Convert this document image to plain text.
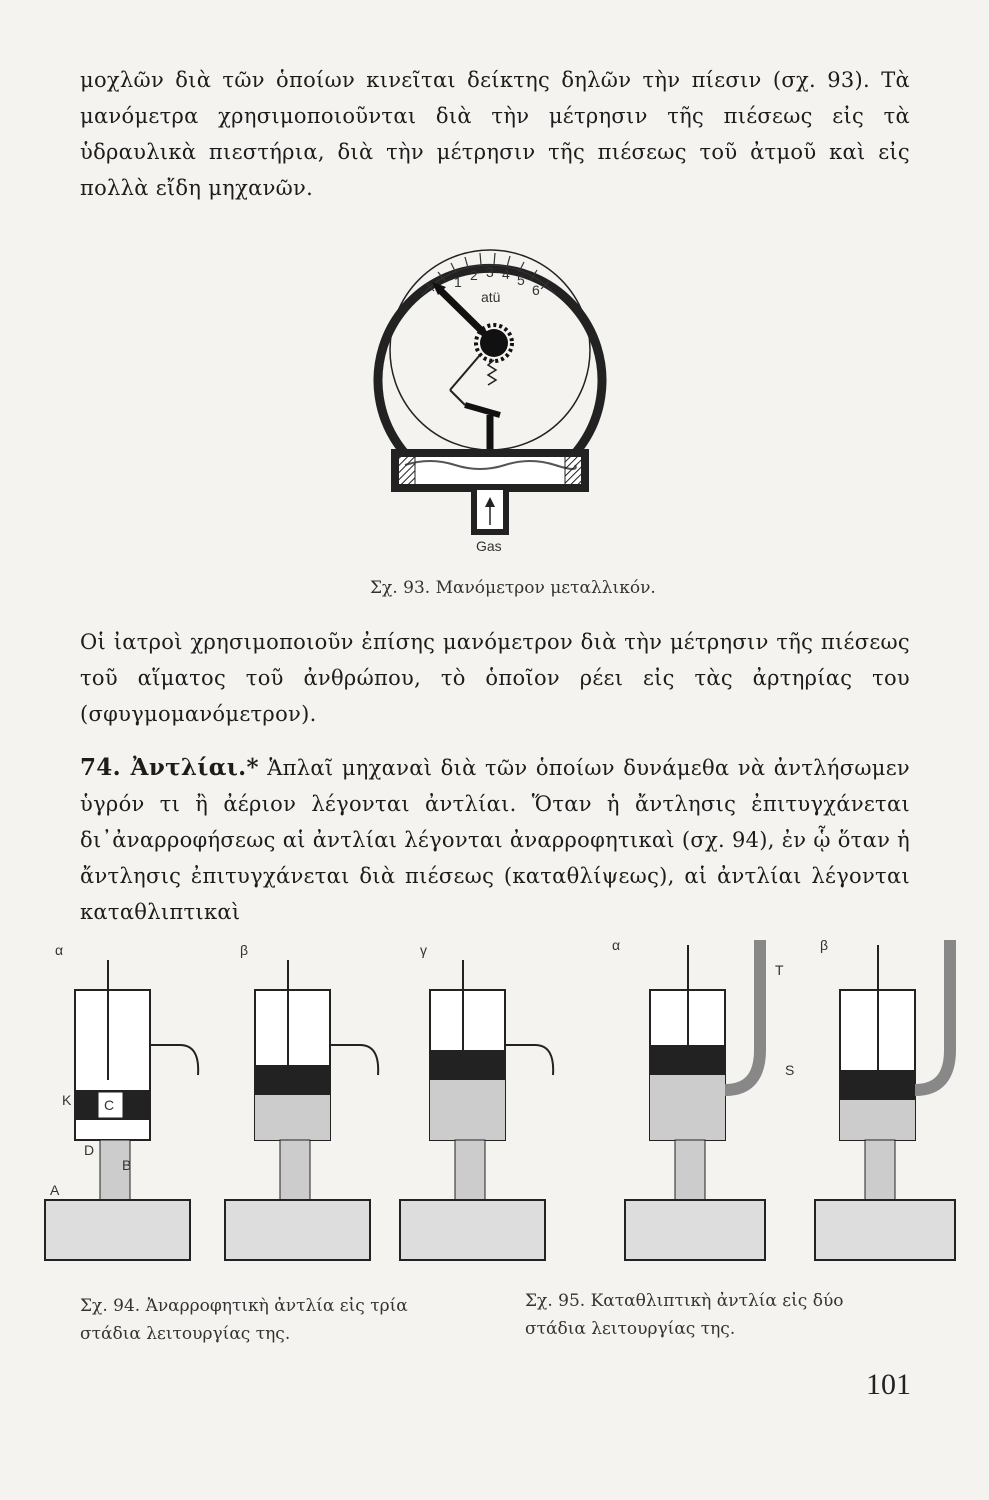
μοχλῶν διὰ τῶν ὁποίων κινεῖται δείκτης δηλῶν τὴν πίεσιν (σχ. 93). Τὰ μανόμετρα χρησιμοποιοῦνται διὰ τὴν μέτρησιν τῆς πιέσεως εἰς τὰ ὑδραυλικὰ πιεστήρια, διὰ τὴν μέτρησιν τῆς πιέσεως τοῦ ἀτμοῦ καὶ εἰς πολλὰ εἴδη μηχανῶν.

1 2 3 4 5
6
atü
Gas

Σχ. 93. Μανόμετρον μεταλλικόν.

Οἱ ἰατροὶ χρησιμοποιοῦν ἐπίσης μανόμετρον διὰ τὴν μέτρησιν τῆς πιέσεως τοῦ αἵματος τοῦ ἀνθρώπου, τὸ ὁποῖον ρέει εἰς τὰς ἀρτηρίας του (σφυγμομανόμετρον).

74. Ἀντλίαι.* Ἁπλαῖ μηχαναὶ διὰ τῶν ὁποίων δυνάμεθα νὰ ἀντλήσωμεν ὑγρόν τι ἢ ἀέριον λέγονται ἀντλίαι. Ὅταν ἡ ἄντλησις ἐπιτυγχάνεται δι᾽ἀναρροφήσεως αἱ ἀντλίαι λέγονται ἀναρροφητικαὶ (σχ. 94), ἐν ᾧ ὅταν ἡ ἄντλησις ἐπιτυγχάνεται διὰ πιέσεως (καταθλίψεως), αἱ ἀντλίαι λέγονται καταθλιπτικαὶ

α
C
K
D
B
A
β	γ	α
T
S
β

Σχ. 94. Ἀναρροφητικὴ ἀντλία εἰς τρία
στάδια λειτουργίας της.

Σχ. 95. Καταθλιπτικὴ ἀντλία εἰς δύο
στάδια λειτουργίας της.

101
